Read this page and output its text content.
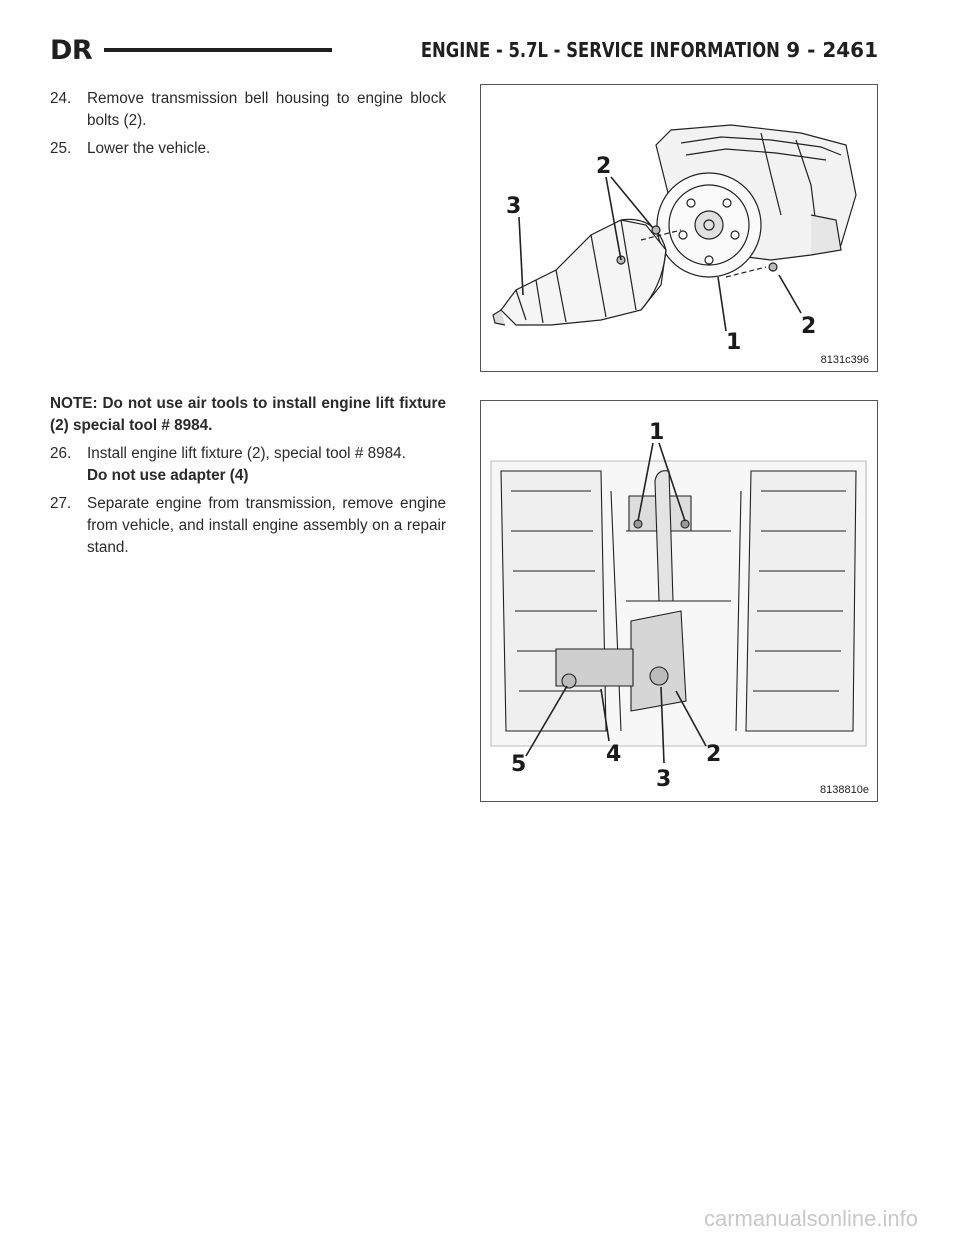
DR	ENGINE - 5.7L - SERVICE INFORMATION 9 - 2461
24.	Remove transmission bell housing to engine block bolts (2).
25.	Lower the vehicle.
NOTE: Do not use air tools to install engine lift fixture (2) special tool # 8984.
26.	Install engine lift fixture (2), special tool # 8984.
Do not use adapter (4)
27.	Separate engine from transmission, remove engine from vehicle, and install engine assembly on a repair stand.
2
3
1
2
8131c396
1
5	4
3
2
8138810e
carmanualsonline.info
